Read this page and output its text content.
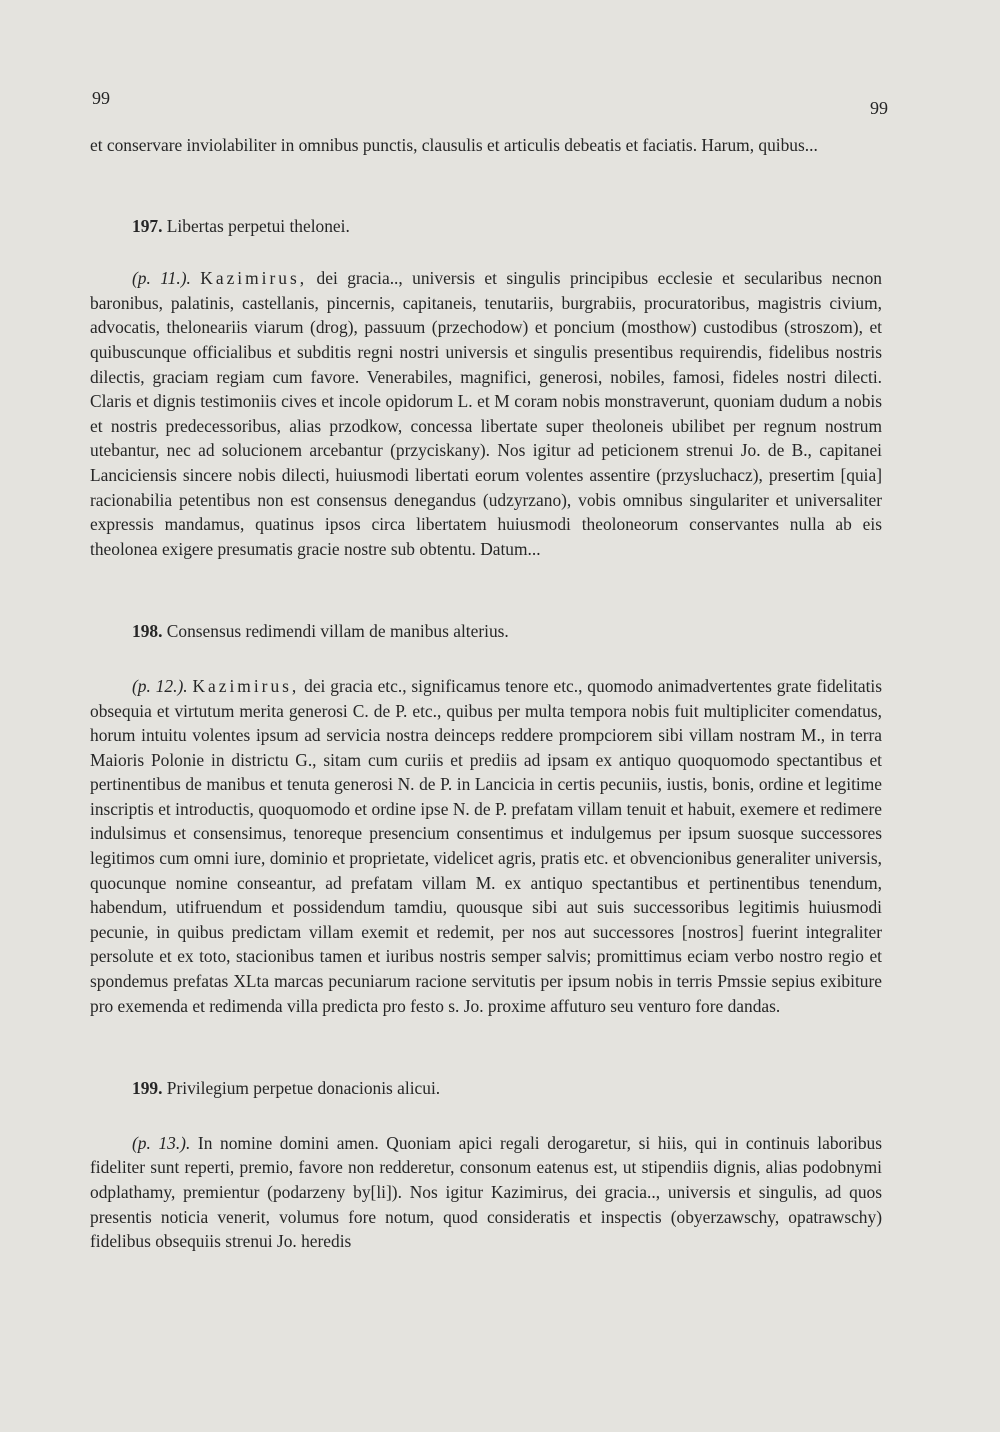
99	99

et conservare inviolabiliter in omnibus punctis, clausulis et articulis debeatis et faciatis. Harum, quibus...

197. Libertas perpetui thelonei.

(p. 11.). Kazimirus, dei gracia.., universis et singulis principibus ecclesie et secularibus necnon baronibus, palatinis, castellanis, pincernis, capitaneis, tenutariis, burgrabiis, procuratoribus, magistris civium, advocatis, theloneariis viarum (drog), passuum (przechodow) et poncium (mosthow) custodibus (stroszom), et quibuscunque officialibus et subditis regni nostri universis et singulis presentibus requirendis, fidelibus nostris dilectis, graciam regiam cum favore. Venerabiles, magnifici, generosi, nobiles, famosi, fideles nostri dilecti. Claris et dignis testimoniis cives et incole opidorum L. et M coram nobis monstraverunt, quoniam dudum a nobis et nostris predecessoribus, alias przodkow, concessa libertate super theoloneis ubilibet per regnum nostrum utebantur, nec ad solucionem arcebantur (przyciskany). Nos igitur ad peticionem strenui Jo. de B., capitanei Lanciciensis sincere nobis dilecti, huiusmodi libertati eorum volentes assentire (przysluchacz), presertim [quia] racionabilia petentibus non est consensus denegandus (udzyrzano), vobis omnibus singulariter et universaliter expressis mandamus, quatinus ipsos circa libertatem huiusmodi theoloneorum conservantes nulla ab eis theolonea exigere presumatis gracie nostre sub obtentu. Datum...

198. Consensus redimendi villam de manibus alterius.

(p. 12.). Kazimirus, dei gracia etc., significamus tenore etc., quomodo animadvertentes grate fidelitatis obsequia et virtutum merita generosi C. de P. etc., quibus per multa tempora nobis fuit multipliciter comendatus, horum intuitu volentes ipsum ad servicia nostra deinceps reddere prompciorem sibi villam nostram M., in terra Maioris Polonie in districtu G., sitam cum curiis et prediis ad ipsam ex antiquo quoquomodo spectantibus et pertinentibus de manibus et tenuta generosi N. de P. in Lancicia in certis pecuniis, iustis, bonis, ordine et legitime inscriptis et introductis, quoquomodo et ordine ipse N. de P. prefatam villam tenuit et habuit, exemere et redimere indulsimus et consensimus, tenoreque presencium consentimus et indulgemus per ipsum suosque successores legitimos cum omni iure, dominio et proprietate, videlicet agris, pratis etc. et obvencionibus generaliter universis, quocunque nomine conseantur, ad prefatam villam M. ex antiquo spectantibus et pertinentibus tenendum, habendum, utifruendum et possidendum tamdiu, quousque sibi aut suis successoribus legitimis huiusmodi pecunie, in quibus predictam villam exemit et redemit, per nos aut successores [nostros] fuerint integraliter persolute et ex toto, stacionibus tamen et iuribus nostris semper salvis; promittimus eciam verbo nostro regio et spondemus prefatas XLta marcas pecuniarum racione servitutis per ipsum nobis in terris Pmssie sepius exibiture pro exemenda et redimenda villa predicta pro festo s. Jo. proxime affuturo seu venturo fore dandas.

199. Privilegium perpetue donacionis alicui.

(p. 13.). In nomine domini amen. Quoniam apici regali derogaretur, si hiis, qui in continuis laboribus fideliter sunt reperti, premio, favore non redderetur, consonum eatenus est, ut stipendiis dignis, alias podobnymi odplathamy, premientur (podarzeny by[li]). Nos igitur Kazimirus, dei gracia.., universis et singulis, ad quos presentis noticia venerit, volumus fore notum, quod consideratis et inspectis (obyerzawschy, opatrawschy) fidelibus obsequiis strenui Jo. heredis
